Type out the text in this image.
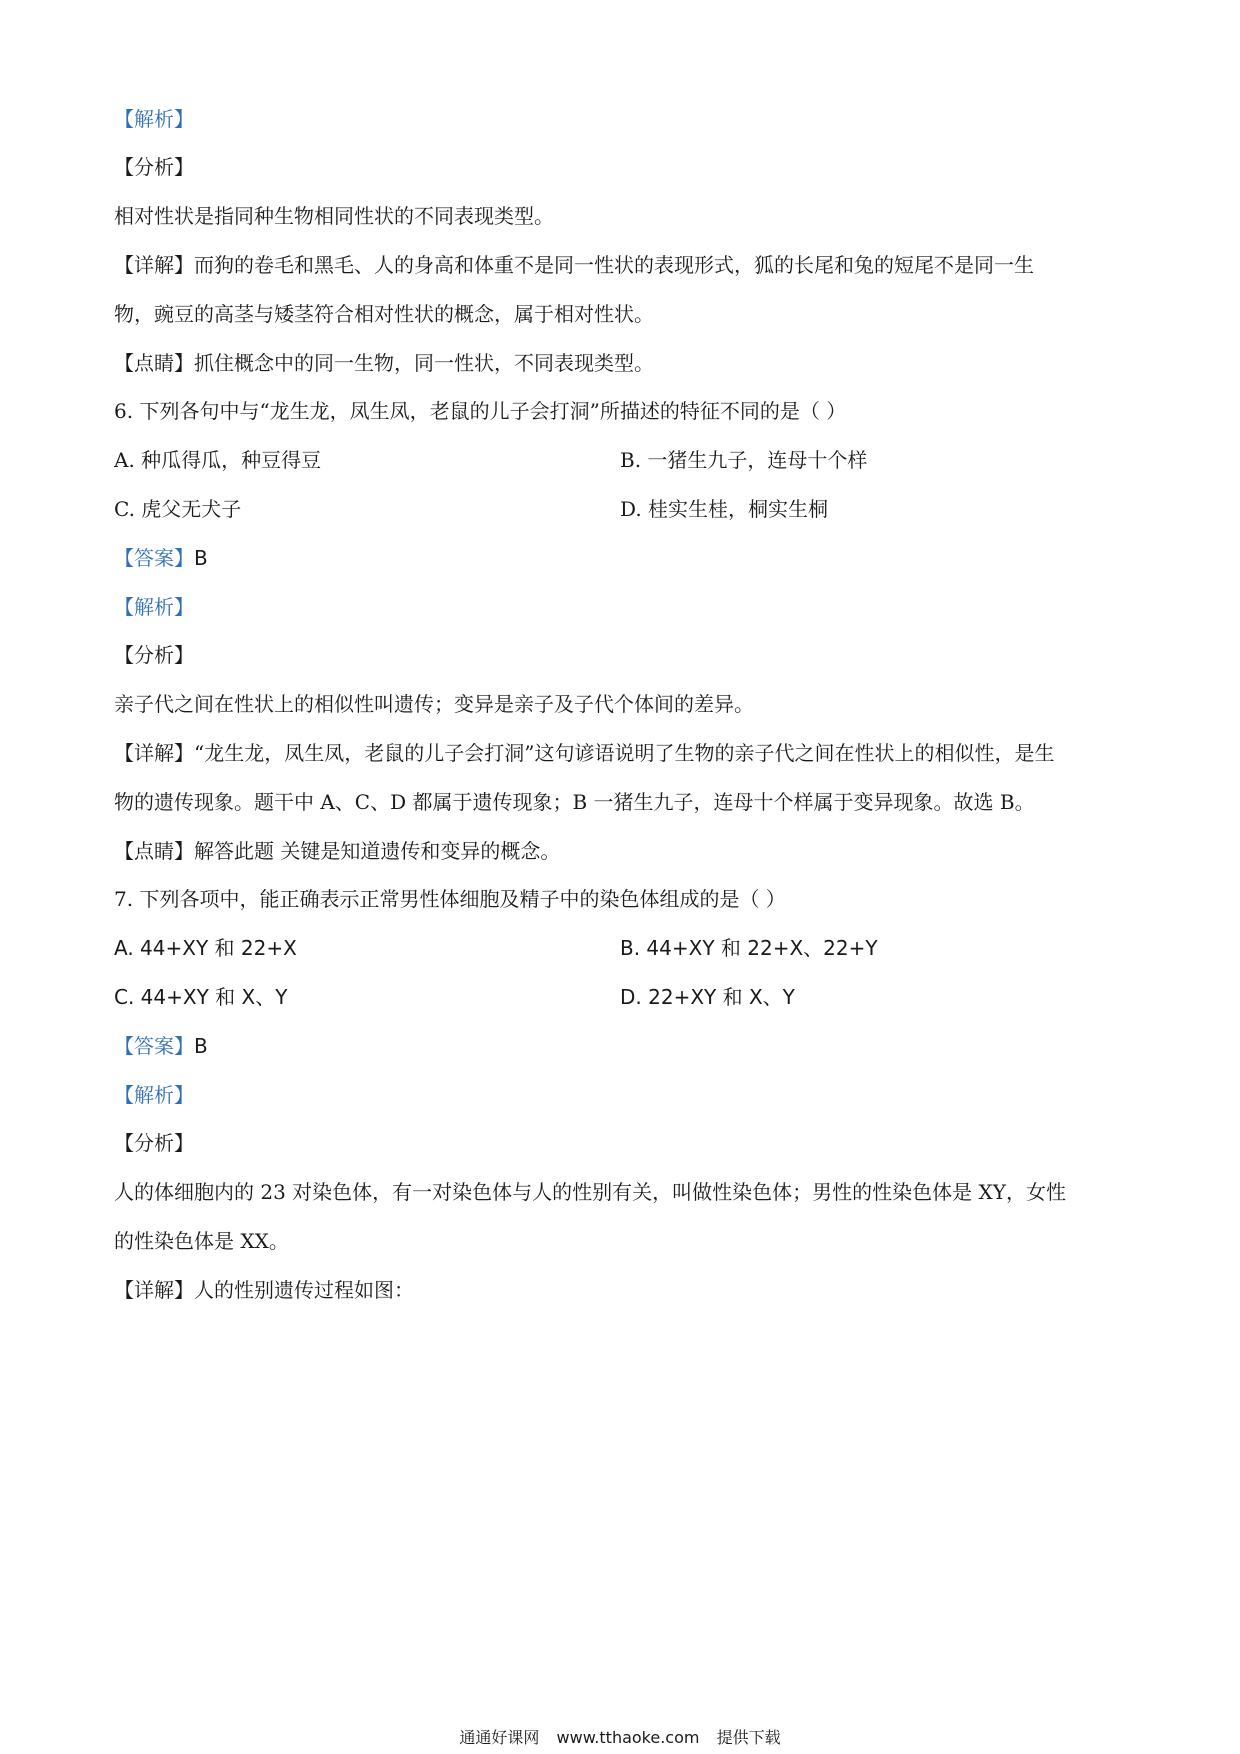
【解析】
【分析】
相对性状是指同种生物相同性状的不同表现类型。
【详解】而狗的卷毛和黑毛、人的身高和体重不是同一性状的表现形式，狐的长尾和兔的短尾不是同一生
物，豌豆的高茎与矮茎符合相对性状的概念，属于相对性状。
【点睛】抓住概念中的同一生物，同一性状，不同表现类型。
6. 下列各句中与“龙生龙，凤生凤，老鼠的儿子会打洞”所描述的特征不同的是（ ）
A. 种瓜得瓜，种豆得豆	B. 一猪生九子，连母十个样
C. 虎父无犬子	D. 桂实生桂，桐实生桐
【答案】B
【解析】
【分析】
亲子代之间在性状上的相似性叫遗传；变异是亲子及子代个体间的差异。
【详解】“龙生龙，凤生凤，老鼠的儿子会打洞”这句谚语说明了生物的亲子代之间在性状上的相似性，是生
物的遗传现象。题干中 A、C、D 都属于遗传现象；B 一猪生九子，连母十个样属于变异现象。故选 B。
【点睛】解答此题 关键是知道遗传和变异的概念。
7. 下列各项中，能正确表示正常男性体细胞及精子中的染色体组成的是（ ）
A. 44+XY 和 22+X	B. 44+XY 和 22+X、22+Y
C. 44+XY 和 X、Y	D. 22+XY 和 X、Y
【答案】B
【解析】
【分析】
人的体细胞内的 23 对染色体，有一对染色体与人的性别有关，叫做性染色体；男性的性染色体是 XY，女性
的性染色体是 XX。
【详解】人的性别遗传过程如图：
通通好课网 www.tthaoke.com 提供下载
